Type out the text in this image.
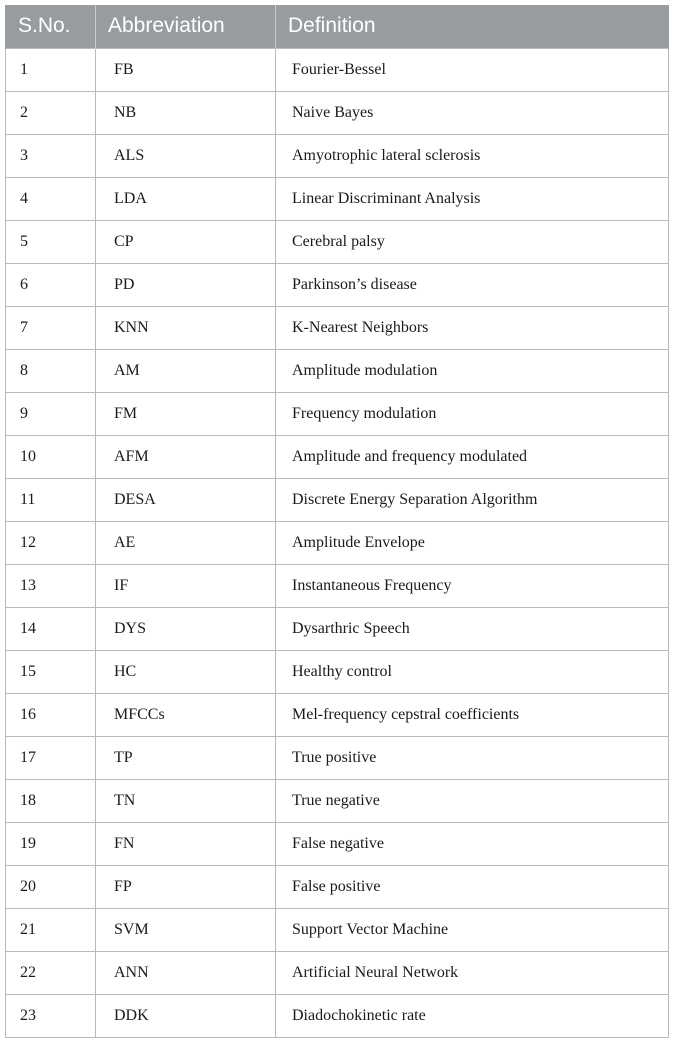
S.No.	Abbreviation	Definition
1	FB	Fourier-Bessel
2	NB	Naive Bayes
3	ALS	Amyotrophic lateral sclerosis
4	LDA	Linear Discriminant Analysis
5	CP	Cerebral palsy
6	PD	Parkinson’s disease
7	KNN	K-Nearest Neighbors
8	AM	Amplitude modulation
9	FM	Frequency modulation
10	AFM	Amplitude and frequency modulated
11	DESA	Discrete Energy Separation Algorithm
12	AE	Amplitude Envelope
13	IF	Instantaneous Frequency
14	DYS	Dysarthric Speech
15	HC	Healthy control
16	MFCCs	Mel-frequency cepstral coefficients
17	TP	True positive
18	TN	True negative
19	FN	False negative
20	FP	False positive
21	SVM	Support Vector Machine
22	ANN	Artificial Neural Network
23	DDK	Diadochokinetic rate
